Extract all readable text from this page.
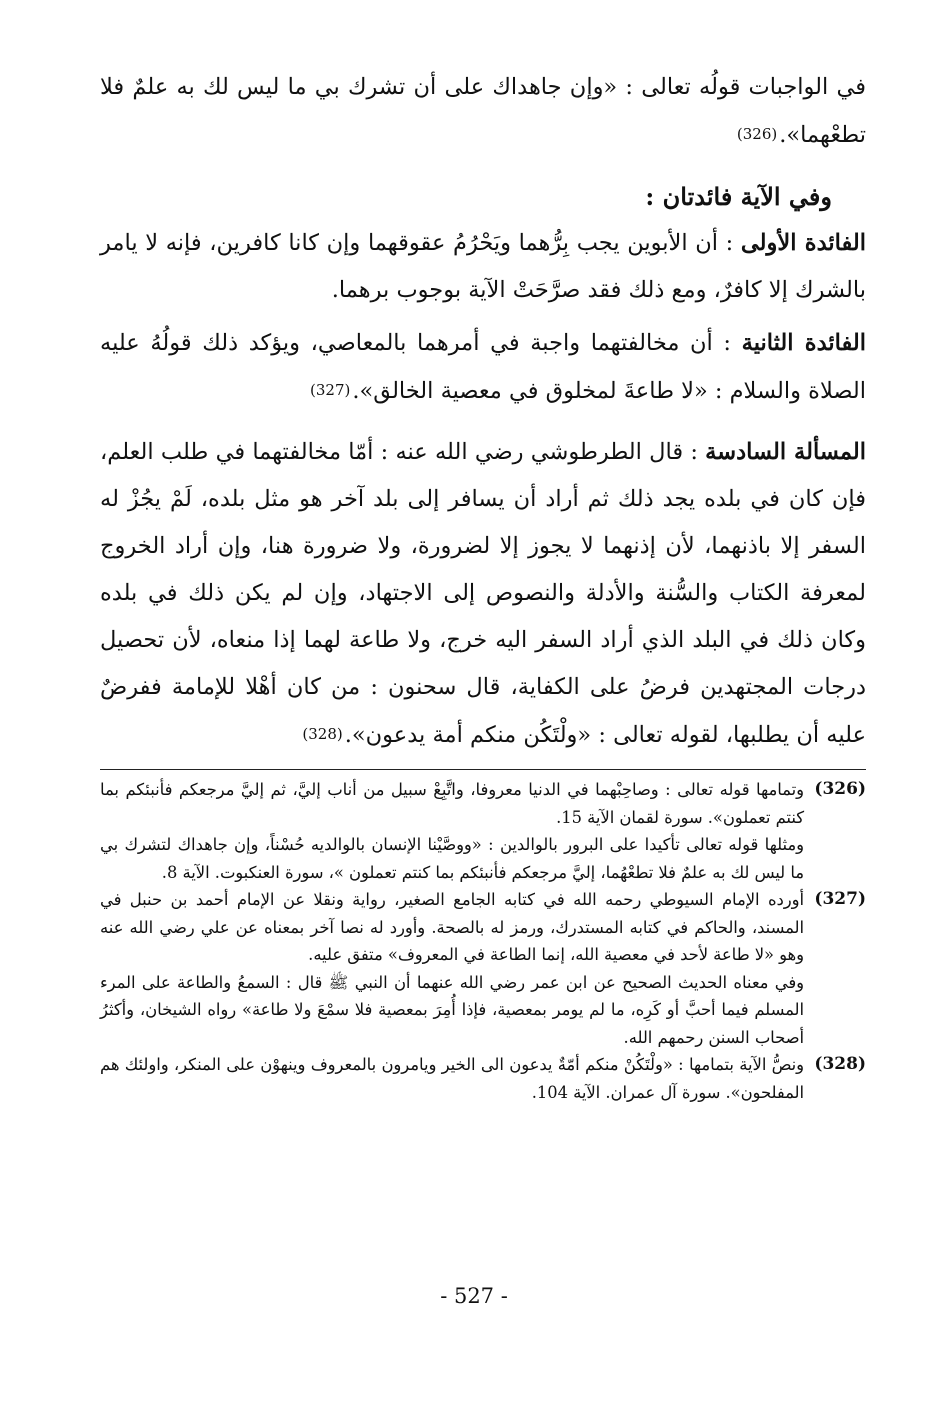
في الواجبات قولُه تعالى : «وإن جاهداك على أن تشرك بي ما ليس لك به علمٌ فلا تطعْهما».(326)

وفي الآية فائدتان :

الفائدة الأولى : أن الأبوين يجب بِرُّهما ويَحْرُمُ عقوقهما وإن كانا كافرين، فإنه لا يامر بالشرك إلا كافرٌ، ومع ذلك فقد صرَّحَتْ الآية بوجوب برهما.

الفائدة الثانية : أن مخالفتهما واجبة في أمرهما بالمعاصي، ويؤكد ذلك قولُهُ عليه الصلاة والسلام : «لا طاعةَ لمخلوق في معصية الخالق».(327)

المسألة السادسة : قال الطرطوشي رضي الله عنه : أمّا مخالفتهما في طلب العلم، فإن كان في بلده يجد ذلك ثم أراد أن يسافر إلى بلد آخر هو مثل بلده، لَمْ يجُزْ له السفر إلا باذنهما، لأن إذنهما لا يجوز إلا لضرورة، ولا ضرورة هنا، وإن أراد الخروج لمعرفة الكتاب والسُّنة والأدلة والنصوص إلى الاجتهاد، وإن لم يكن ذلك في بلده وكان ذلك في البلد الذي أراد السفر اليه خرج، ولا طاعة لهما إذا منعاه، لأن تحصيل درجات المجتهدين فرضُ على الكفاية، قال سحنون : من كان أهْلا للإمامة ففرضٌ عليه أن يطلبها، لقوله تعالى : «ولْتَكُن منكم أمة يدعون».(328)

(326)

وتمامها قوله تعالى : وصاحِبْهما في الدنيا معروفا، واتَّبِعْ سبيل من أناب إليَّ، ثم إليَّ مرجعكم فأنبئكم بما كنتم تعملون». سورة لقمان الآية 15.

ومثلها قوله تعالى تأكيدا على البرور بالوالدين : «ووصَّيْنا الإنسان بالوالديه حُسْناً، وإن جاهداك لتشرك بي ما ليس لك به علمٌ فلا تطعْهُما، إليَّ مرجعكم فأنبئكم بما كنتم تعملون »، سورة العنكبوت. الآية 8.

(327)

أورده الإمام السيوطي رحمه الله في كتابه الجامع الصغير، رواية ونقلا عن الإمام أحمد بن حنبل في المسند، والحاكم في كتابه المستدرك، ورمز له بالصحة. وأورد له نصا آخر بمعناه عن علي رضي الله عنه وهو «لا طاعة لأحد في معصية الله، إنما الطاعة في المعروف» متفق عليه.

وفي معناه الحديث الصحيح عن ابن عمر رضي الله عنهما أن النبي ﷺ قال : السمعُ والطاعة على المرء المسلم فيما أحبَّ أو كَرِه، ما لم يومر بمعصية، فإذا أُمِرَ بمعصية فلا سمْعَ ولا طاعة» رواه الشيخان، وأكثرُ أصحاب السنن رحمهم الله.

(328)

ونصُّ الآية بتمامها : «ولْتَكُنْ منكم أمّةٌ يدعون الى الخير ويامرون بالمعروف وينهوْن على المنكر، واولئك هم المفلحون». سورة آل عمران. الآية 104.

- 527 -
